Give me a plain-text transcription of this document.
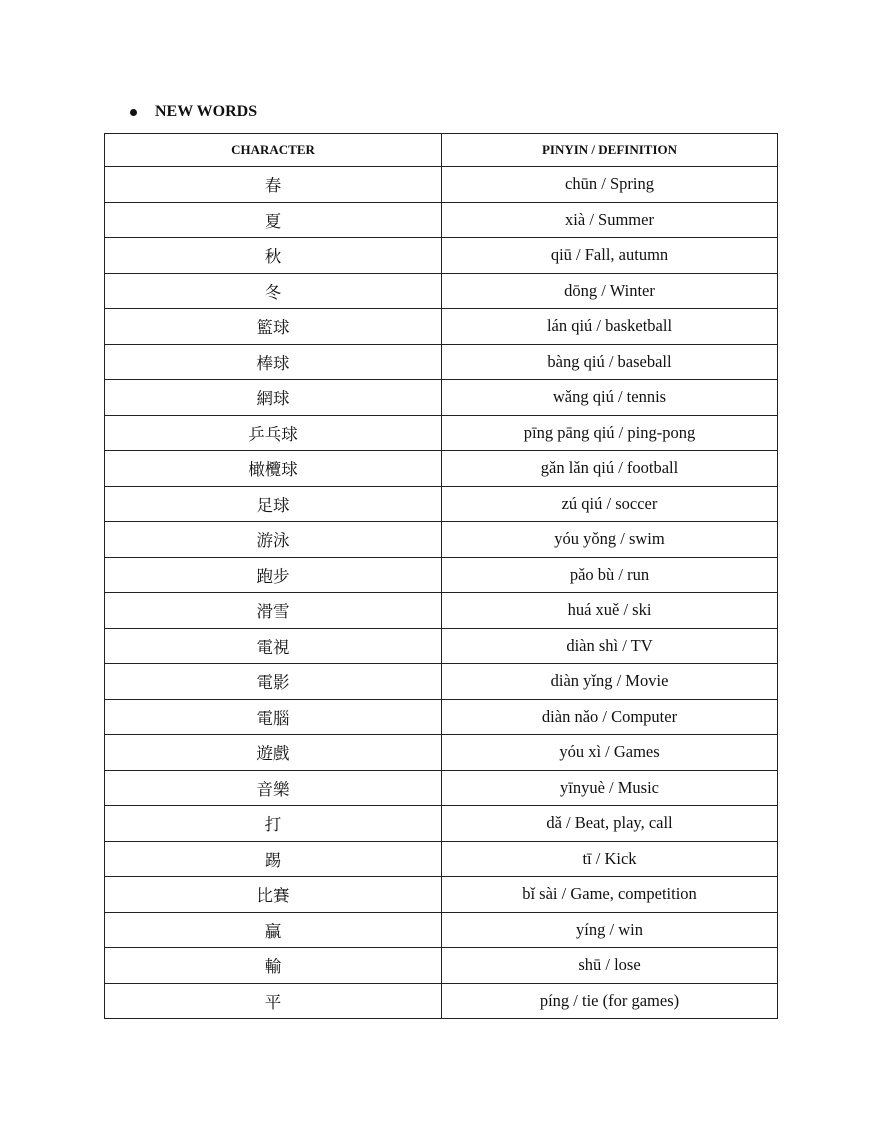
NEW WORDS
CHARACTER	PINYIN / DEFINITION
春	chūn / Spring
夏	xià / Summer
秋	qiū / Fall, autumn
冬	dōng / Winter
籃球	lán qiú / basketball
棒球	bàng qiú / baseball
網球	wǎng qiú / tennis
乒乓球	pīng pāng qiú / ping-pong
橄欖球	gǎn lǎn qiú / football
足球	zú qiú / soccer
游泳	yóu yǒng / swim
跑步	pǎo bù / run
滑雪	huá xuě / ski
電視	diàn shì / TV
電影	diàn yǐng / Movie
電腦	diàn nǎo / Computer
遊戲	yóu xì / Games
音樂	yīnyuè / Music
打	dǎ / Beat, play, call
踢	tī / Kick
比賽	bǐ sài / Game, competition
贏	yíng / win
輸	shū / lose
平	píng / tie (for games)
